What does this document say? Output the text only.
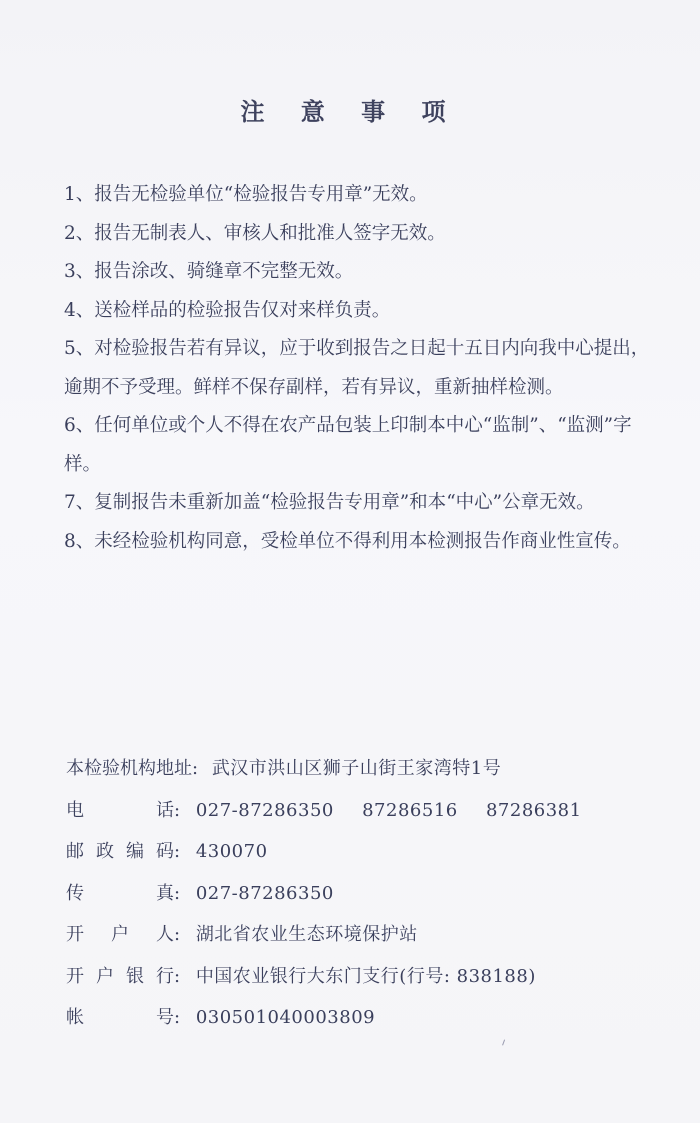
注 意 事 项

1、报告无检验单位“检验报告专用章”无效。

2、报告无制表人、审核人和批准人签字无效。

3、报告涂改、骑缝章不完整无效。

4、送检样品的检验报告仅对来样负责。

5、对检验报告若有异议，应于收到报告之日起十五日内向我中心提出，逾期不予受理。鲜样不保存副样，若有异议，重新抽样检测。

6、任何单位或个人不得在农产品包装上印制本中心“监制”、“监测”字样。

7、复制报告未重新加盖“检验报告专用章”和本“中心”公章无效。

8、未经检验机构同意，受检单位不得利用本检测报告作商业性宣传。

本检验机构地址: 武汉市洪山区狮子山街王家湾特1号
电话: 027-87286350 87286516 87286381
邮政编码: 430070
传真: 027-87286350
开户人: 湖北省农业生态环境保护站
开户银行: 中国农业银行大东门支行(行号: 838188)
帐号: 030501040003809
